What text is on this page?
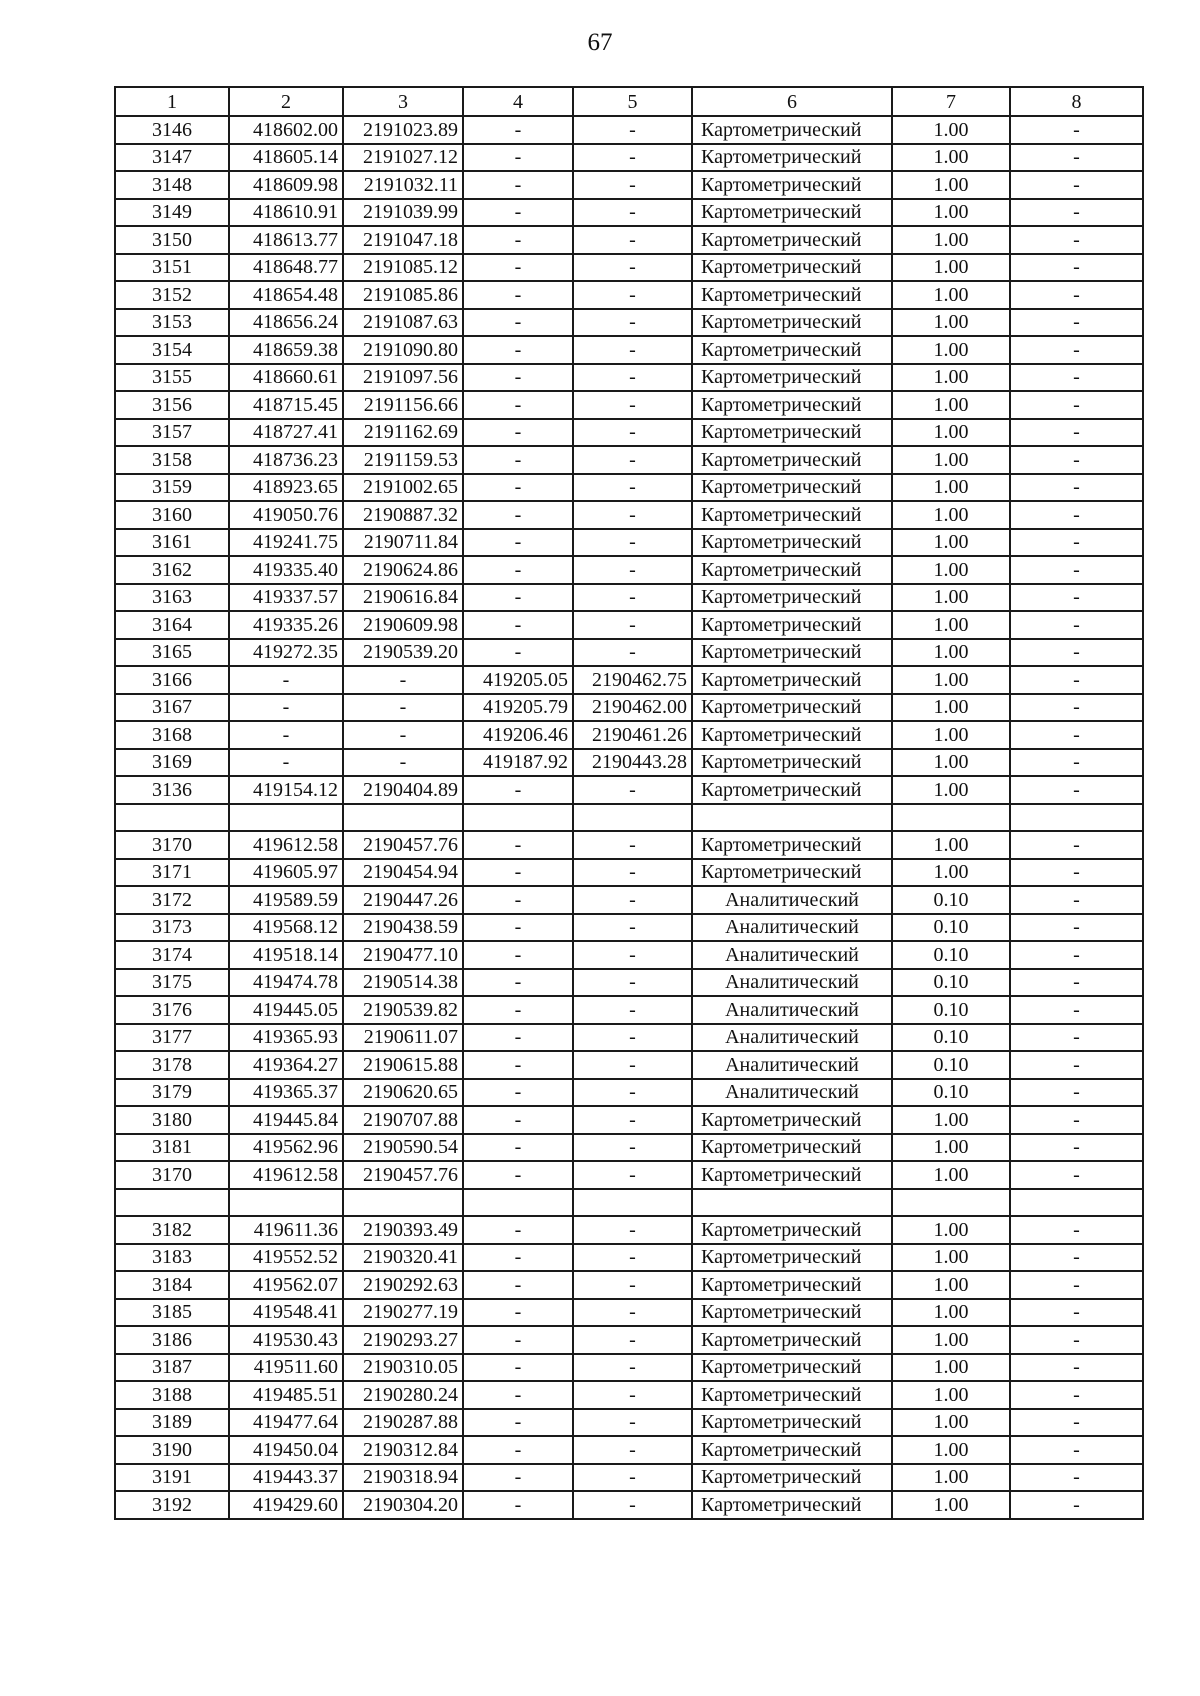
67
1	2	3	4	5	6	7	8
3146	418602.00	2191023.89	-	-	Картометрический	1.00	-
3147	418605.14	2191027.12	-	-	Картометрический	1.00	-
3148	418609.98	2191032.11	-	-	Картометрический	1.00	-
3149	418610.91	2191039.99	-	-	Картометрический	1.00	-
3150	418613.77	2191047.18	-	-	Картометрический	1.00	-
3151	418648.77	2191085.12	-	-	Картометрический	1.00	-
3152	418654.48	2191085.86	-	-	Картометрический	1.00	-
3153	418656.24	2191087.63	-	-	Картометрический	1.00	-
3154	418659.38	2191090.80	-	-	Картометрический	1.00	-
3155	418660.61	2191097.56	-	-	Картометрический	1.00	-
3156	418715.45	2191156.66	-	-	Картометрический	1.00	-
3157	418727.41	2191162.69	-	-	Картометрический	1.00	-
3158	418736.23	2191159.53	-	-	Картометрический	1.00	-
3159	418923.65	2191002.65	-	-	Картометрический	1.00	-
3160	419050.76	2190887.32	-	-	Картометрический	1.00	-
3161	419241.75	2190711.84	-	-	Картометрический	1.00	-
3162	419335.40	2190624.86	-	-	Картометрический	1.00	-
3163	419337.57	2190616.84	-	-	Картометрический	1.00	-
3164	419335.26	2190609.98	-	-	Картометрический	1.00	-
3165	419272.35	2190539.20	-	-	Картометрический	1.00	-
3166	-	-	419205.05	2190462.75	Картометрический	1.00	-
3167	-	-	419205.79	2190462.00	Картометрический	1.00	-
3168	-	-	419206.46	2190461.26	Картометрический	1.00	-
3169	-	-	419187.92	2190443.28	Картометрический	1.00	-
3136	419154.12	2190404.89	-	-	Картометрический	1.00	-

3170	419612.58	2190457.76	-	-	Картометрический	1.00	-
3171	419605.97	2190454.94	-	-	Картометрический	1.00	-
3172	419589.59	2190447.26	-	-	Аналитический	0.10	-
3173	419568.12	2190438.59	-	-	Аналитический	0.10	-
3174	419518.14	2190477.10	-	-	Аналитический	0.10	-
3175	419474.78	2190514.38	-	-	Аналитический	0.10	-
3176	419445.05	2190539.82	-	-	Аналитический	0.10	-
3177	419365.93	2190611.07	-	-	Аналитический	0.10	-
3178	419364.27	2190615.88	-	-	Аналитический	0.10	-
3179	419365.37	2190620.65	-	-	Аналитический	0.10	-
3180	419445.84	2190707.88	-	-	Картометрический	1.00	-
3181	419562.96	2190590.54	-	-	Картометрический	1.00	-
3170	419612.58	2190457.76	-	-	Картометрический	1.00	-

3182	419611.36	2190393.49	-	-	Картометрический	1.00	-
3183	419552.52	2190320.41	-	-	Картометрический	1.00	-
3184	419562.07	2190292.63	-	-	Картометрический	1.00	-
3185	419548.41	2190277.19	-	-	Картометрический	1.00	-
3186	419530.43	2190293.27	-	-	Картометрический	1.00	-
3187	419511.60	2190310.05	-	-	Картометрический	1.00	-
3188	419485.51	2190280.24	-	-	Картометрический	1.00	-
3189	419477.64	2190287.88	-	-	Картометрический	1.00	-
3190	419450.04	2190312.84	-	-	Картометрический	1.00	-
3191	419443.37	2190318.94	-	-	Картометрический	1.00	-
3192	419429.60	2190304.20	-	-	Картометрический	1.00	-
